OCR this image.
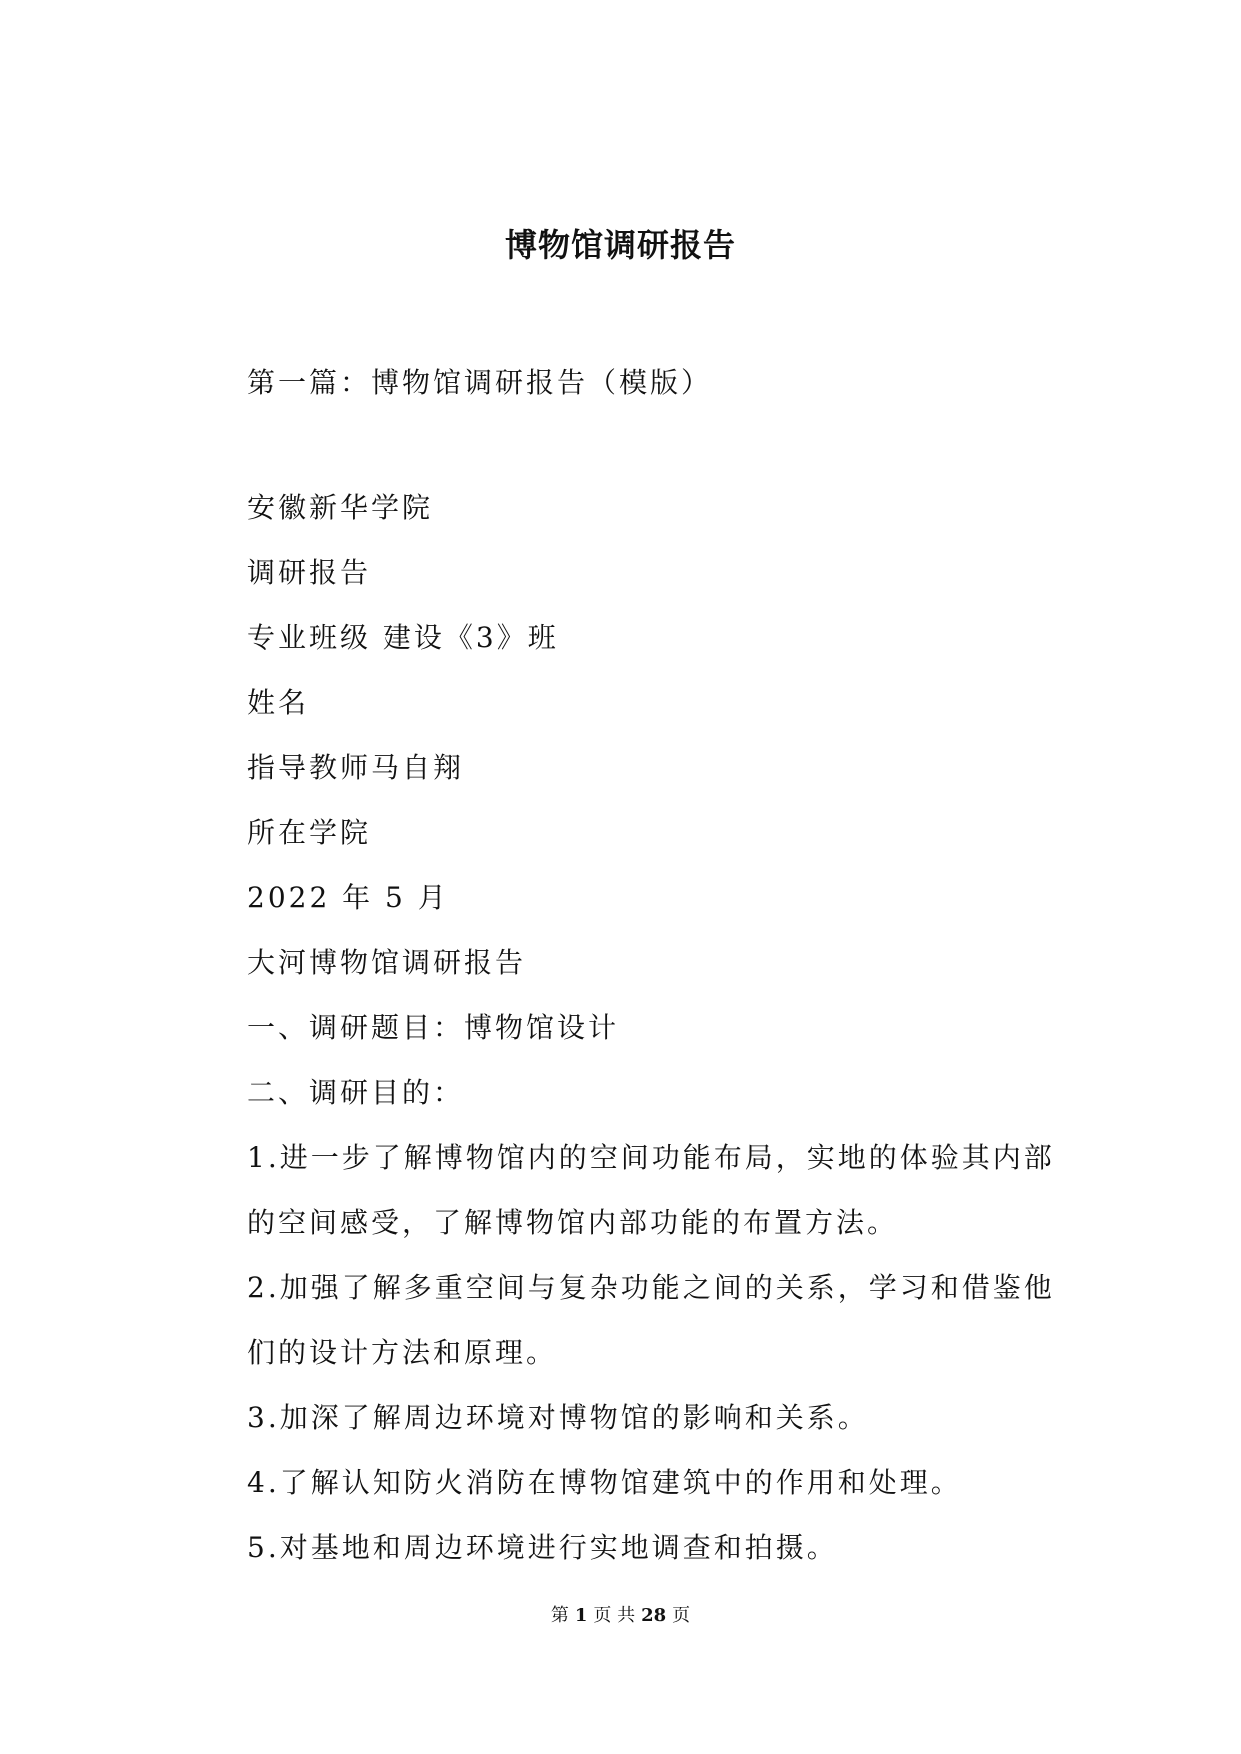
博物馆调研报告
第一篇：博物馆调研报告（模版）
安徽新华学院
调研报告
专业班级 建设《3》班
姓名
指导教师马自翔
所在学院
2022 年 5 月
大河博物馆调研报告
一、调研题目：博物馆设计
二、调研目的：
1.进一步了解博物馆内的空间功能布局，实地的体验其内部
的空间感受，了解博物馆内部功能的布置方法。
2.加强了解多重空间与复杂功能之间的关系，学习和借鉴他
们的设计方法和原理。
3.加深了解周边环境对博物馆的影响和关系。
4.了解认知防火消防在博物馆建筑中的作用和处理。
5.对基地和周边环境进行实地调查和拍摄。
第 1 页 共 28 页
